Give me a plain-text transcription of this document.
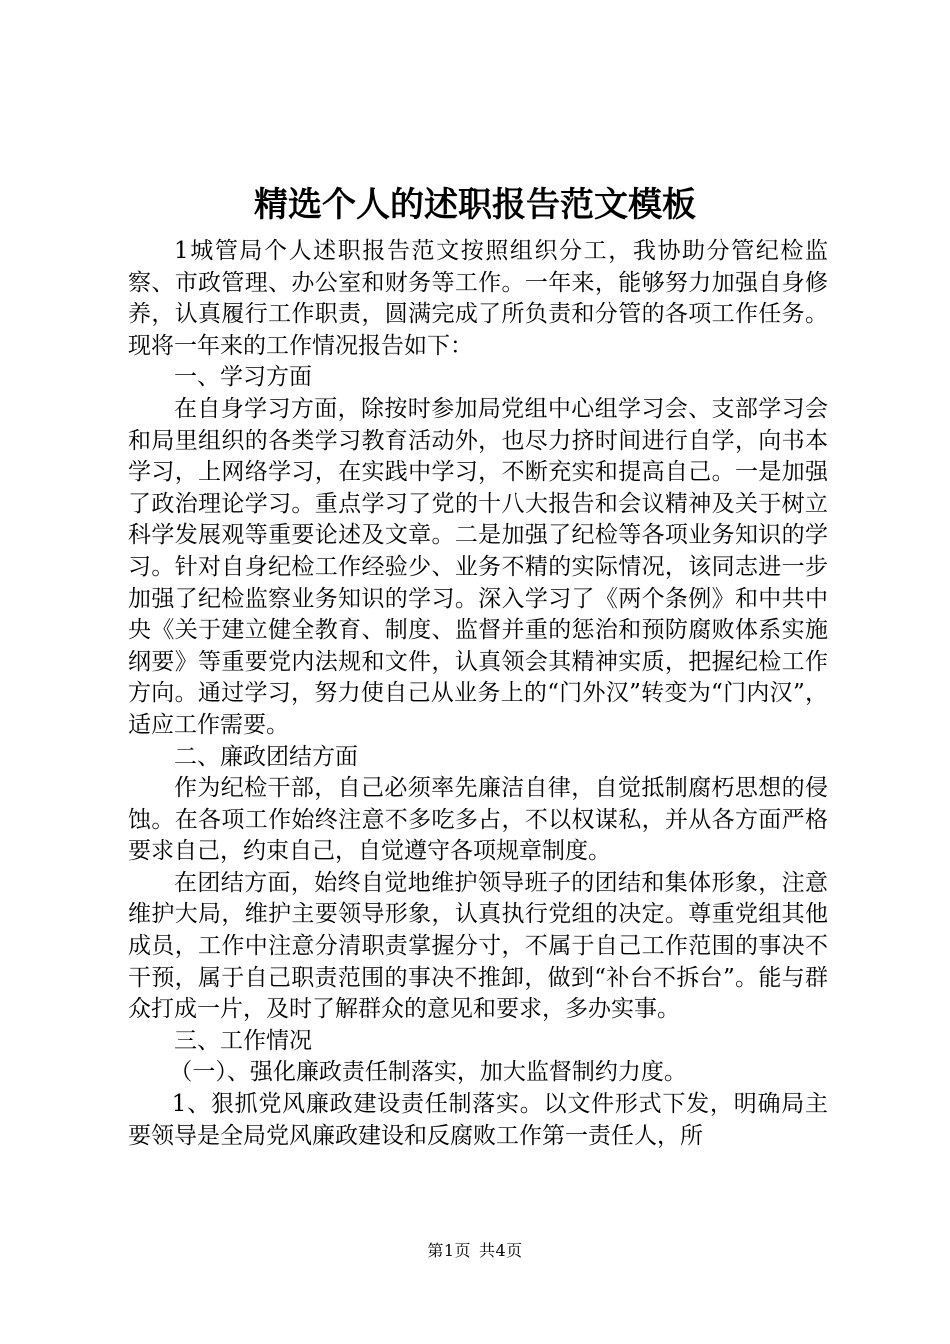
精选个人的述职报告范文模板

1城管局个人述职报告范文按照组织分工，我协助分管纪检监察、市政管理、办公室和财务等工作。一年来，能够努力加强自身修养，认真履行工作职责，圆满完成了所负责和分管的各项工作任务。现将一年来的工作情况报告如下：

一、学习方面

在自身学习方面，除按时参加局党组中心组学习会、支部学习会和局里组织的各类学习教育活动外，也尽力挤时间进行自学，向书本学习，上网络学习，在实践中学习，不断充实和提高自己。一是加强了政治理论学习。重点学习了党的十八大报告和会议精神及关于树立科学发展观等重要论述及文章。二是加强了纪检等各项业务知识的学习。针对自身纪检工作经验少、业务不精的实际情况，该同志进一步加强了纪检监察业务知识的学习。深入学习了《两个条例》和中共中央《关于建立健全教育、制度、监督并重的惩治和预防腐败体系实施纲要》等重要党内法规和文件，认真领会其精神实质，把握纪检工作方向。通过学习，努力使自己从业务上的“门外汉”转变为“门内汉”，适应工作需要。

二、廉政团结方面

作为纪检干部，自己必须率先廉洁自律，自觉抵制腐朽思想的侵蚀。在各项工作始终注意不多吃多占，不以权谋私，并从各方面严格要求自己，约束自己，自觉遵守各项规章制度。

在团结方面，始终自觉地维护领导班子的团结和集体形象，注意维护大局，维护主要领导形象，认真执行党组的决定。尊重党组其他成员，工作中注意分清职责掌握分寸，不属于自己工作范围的事决不干预，属于自己职责范围的事决不推卸，做到“补台不拆台”。能与群众打成一片，及时了解群众的意见和要求，多办实事。

三、工作情况

（一）、强化廉政责任制落实，加大监督制约力度。

1、狠抓党风廉政建设责任制落实。以文件形式下发，明确局主要领导是全局党风廉政建设和反腐败工作第一责任人，所

第1页 共4页
